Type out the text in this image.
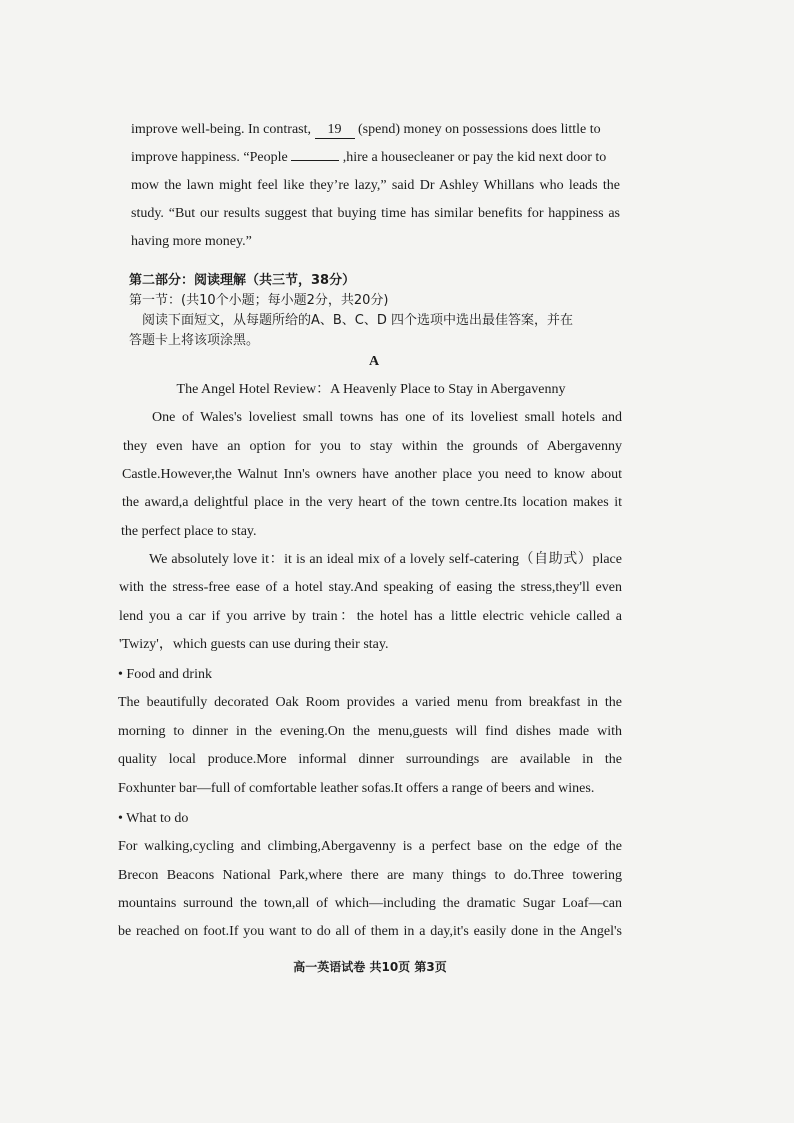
improve well-being. In contrast, 19 (spend) money on possessions does little to
improve happiness. “People	,hire a housecleaner or pay the kid next door to
mow the lawn might feel like they’re lazy,” said Dr Ashley Whillans who leads the
study. “But our results suggest that buying time has similar benefits for happiness as
having more money.”
第二部分：阅读理解（共三节，38分）
第一节：(共10个小题；每小题2分，共20分)
阅读下面短文，从每题所给的A、B、C、D 四个选项中选出最佳答案，并在
答题卡上将该项涂黑。
A
The Angel Hotel Review：A Heavenly Place to Stay in Abergavenny
One of Wales's loveliest small towns has one of its loveliest small hotels and
they even have an option for you to stay within the grounds of Abergavenny
Castle.However,the Walnut Inn's owners have another place you need to know about
the award,a delightful place in the very heart of the town centre.Its location makes it
the perfect place to stay.
We absolutely love it：it is an ideal mix of a lovely self-catering（自助式）place
with the stress-free ease of a hotel stay.And speaking of easing the stress,they'll even
lend you a car if you arrive by train：the hotel has a little electric vehicle called a
'Twizy'，which guests can use during their stay.
• Food and drink
The beautifully decorated Oak Room provides a varied menu from breakfast in the
morning to dinner in the evening.On the menu,guests will find dishes made with
quality local produce.More informal dinner surroundings are available in the
Foxhunter bar—full of comfortable leather sofas.It offers a range of beers and wines.
• What to do
For walking,cycling and climbing,Abergavenny is a perfect base on the edge of the
Brecon Beacons National Park,where there are many things to do.Three towering
mountains surround the town,all of which—including the dramatic Sugar Loaf—can
be reached on foot.If you want to do all of them in a day,it's easily done in the Angel's
高一英语试卷 共10页 第3页
